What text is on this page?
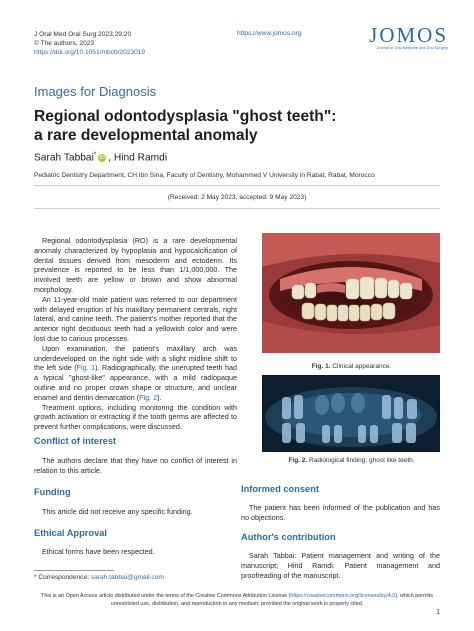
J Oral Med Oral Surg 2023;29:20
© The authors, 2023
https://doi.org/10.1051/mbcb/2023019
https://www.jomos.org	JOMOS
Journal of Oral Medicine and Oral Surgery
Images for Diagnosis
Regional odontodysplasia "ghost teeth":
a rare developmental anomaly
Sarah Tabbai*iD , Hind Ramdi
Pediatric Dentistry Department, CH Ibn Sina, Faculty of Dentistry, Mohammed V University in Rabat, Rabat, Morocco
(Received: 2 May 2023, accepted: 9 May 2023)

Regional odontodysplasia (RO) is a rare developmental anomaly characterized by hypoplasia and hypocalcification of dental tissues derived from mesoderm and ectoderm. Its prevalence is reported to be less than 1/1,000,000. The involved teeth are yellow or brown and show abnormal morphology.

An 11-year-old male patient was referred to our department with delayed eruption of his maxillary permanent centrals, right lateral, and canine teeth. The patient's mother reported that the anterior right deciduous teeth had a yellowish color and were lost due to carious processes.

Upon examination, the patient's maxillary arch was underdeveloped on the right side with a slight midline shift to the left side (Fig. 1). Radiographically, the unerupted teeth had a typical "ghost-like" appearance, with a mild radiopaque outline and no proper crown shape or structure, and unclear enamel and dentin demarcation (Fig. 2).

Treatment options, including monitoring the condition with growth activation or extracting if the tooth germs are affected to prevent further complications, were discussed.

Conflict of interest

The authors declare that they have no conflict of interest in relation to this article.

Funding

This article did not receive any specific funding.

Ethical Approval

Ethical forms have been respected.

Fig. 1. Clinical appearance.
Fig. 2. Radiological finding: ghost like teeth.
Informed consent

The patient has been informed of the publication and has no objections.

Author's contribution

Sarah Tabbai: Patient management and writing of the manuscript; Hind Ramdi: Patient management and proofreading of the manuscript.

* Correspondence: sarah.tabbai@gmail.com
This is an Open Access article distributed under the terms of the Creative Commons Attribution License (https://creativecommons.org/licenses/by/4.0), which permits
unrestricted use, distribution, and reproduction in any medium, provided the original work is properly cited.
1
